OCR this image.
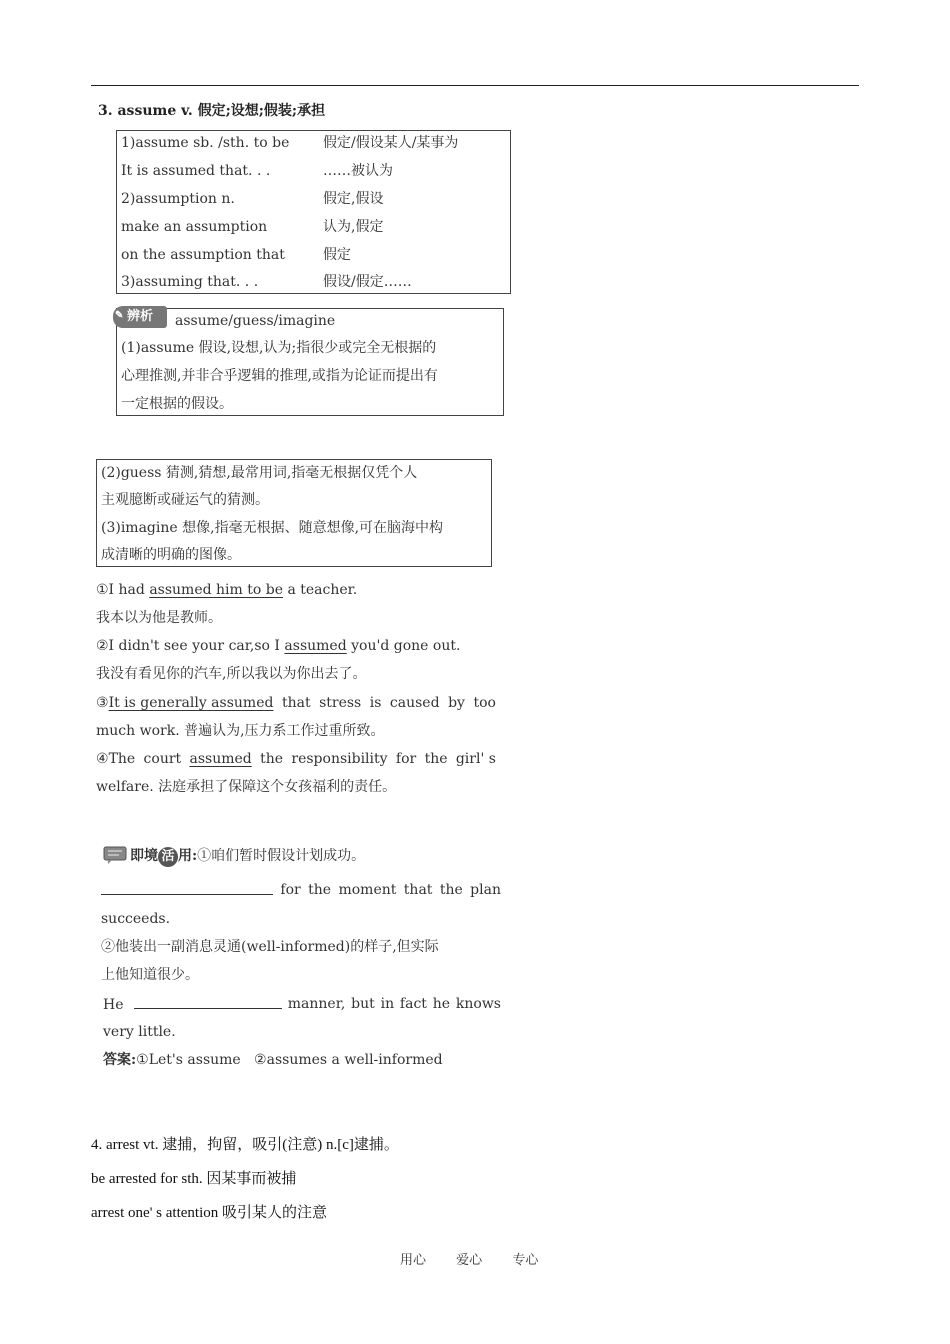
3. assume v. 假定;设想;假装;承担
1)assume sb. /sth. to be 假定/假设某人/某事为
It is assumed that. . .	……被认为
2)assumption n.	假定,假设
make an assumption	认为,假定
on the assumption that	假定
3)assuming that. . .	假设/假定……
✎ 辨析	assume/guess/imagine
(1)assume 假设,设想,认为;指很少或完全无根据的
心理推测,并非合乎逻辑的推理,或指为论证而提出有
一定根据的假设。
(2)guess 猜测,猜想,最常用词,指毫无根据仅凭个人
主观臆断或碰运气的猜测。
(3)imagine 想像,指毫无根据、随意想像,可在脑海中构
成清晰的明确的图像。
①I had assumed him to be a teacher.
我本以为他是教师。
②I didn't see your car,so I assumed you'd gone out.
我没有看见你的汽车,所以我以为你出去了。
③It is generally assumed that stress is caused by too
much work. 普遍认为,压力系工作过重所致。
④The court assumed the responsibility for the girl' s
welfare. 法庭承担了保障这个女孩福利的责任。
即境 活 用:①咱们暂时假设计划成功。
for the moment that the plan
succeeds.
②他装出一副消息灵通(well-informed)的样子,但实际
上他知道很少。
He	manner, but in fact he knows
very little.
答案:①Let's assume   ②assumes a well-informed
4. arrest vt. 逮捕，拘留，吸引(注意) n.[c]逮捕。
be arrested for sth. 因某事而被捕
arrest one' s attention 吸引某人的注意
用心 爱心 专心
